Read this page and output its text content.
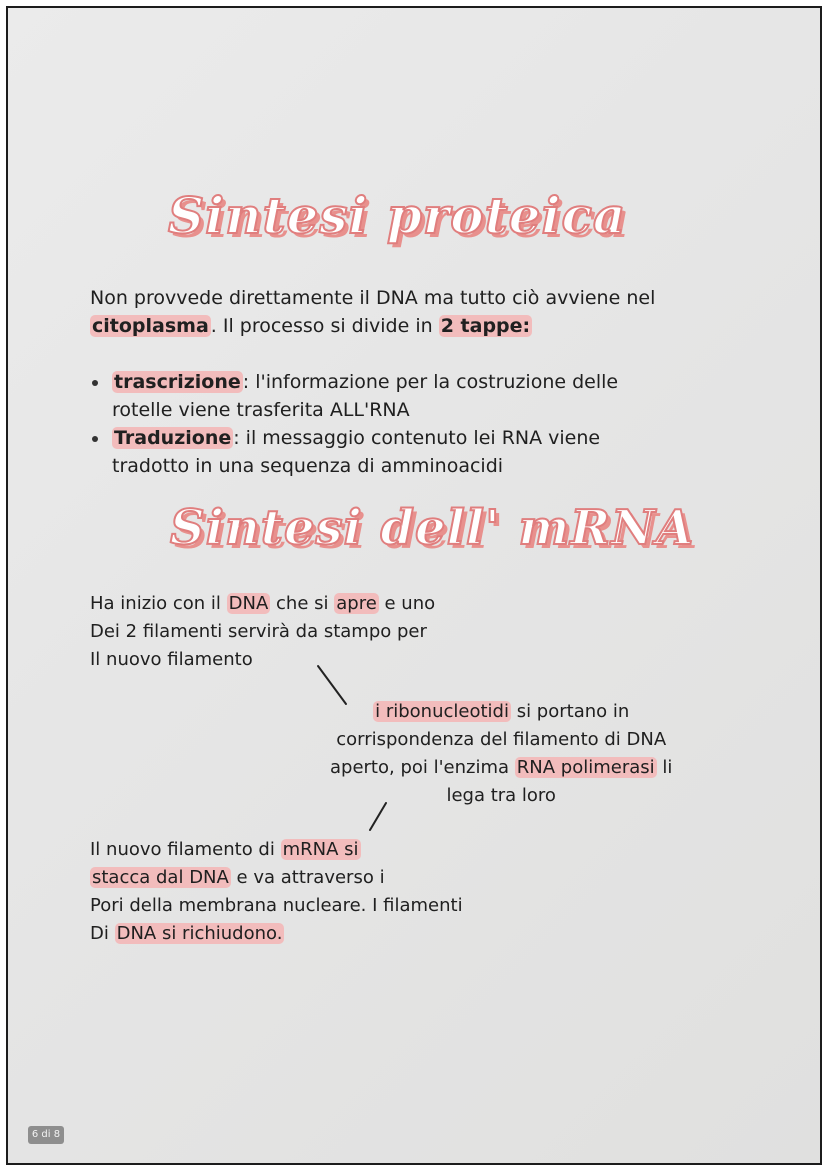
Sintesi proteica
Non provvede direttamente il DNA ma tutto ciò avviene nel
citoplasma . Il processo si divide in 2 tappe:
trascrizione : l'informazione per la costruzione delle
rotelle viene trasferita ALL'RNA
Traduzione : il messaggio contenuto lei RNA viene
tradotto in una sequenza di amminoacidi
Sintesi dell' mRNA
Ha inizio con il DNA che si apre e uno
Dei 2 filamenti servirà da stampo per
Il nuovo filamento
i ribonucleotidi si portano in
corrispondenza del filamento di DNA
aperto, poi l'enzima RNA polimerasi li
lega tra loro
Il nuovo filamento di mRNA si
stacca dal DNA e va attraverso i
Pori della membrana nucleare. I filamenti
Di DNA si richiudono.
6 di 8
